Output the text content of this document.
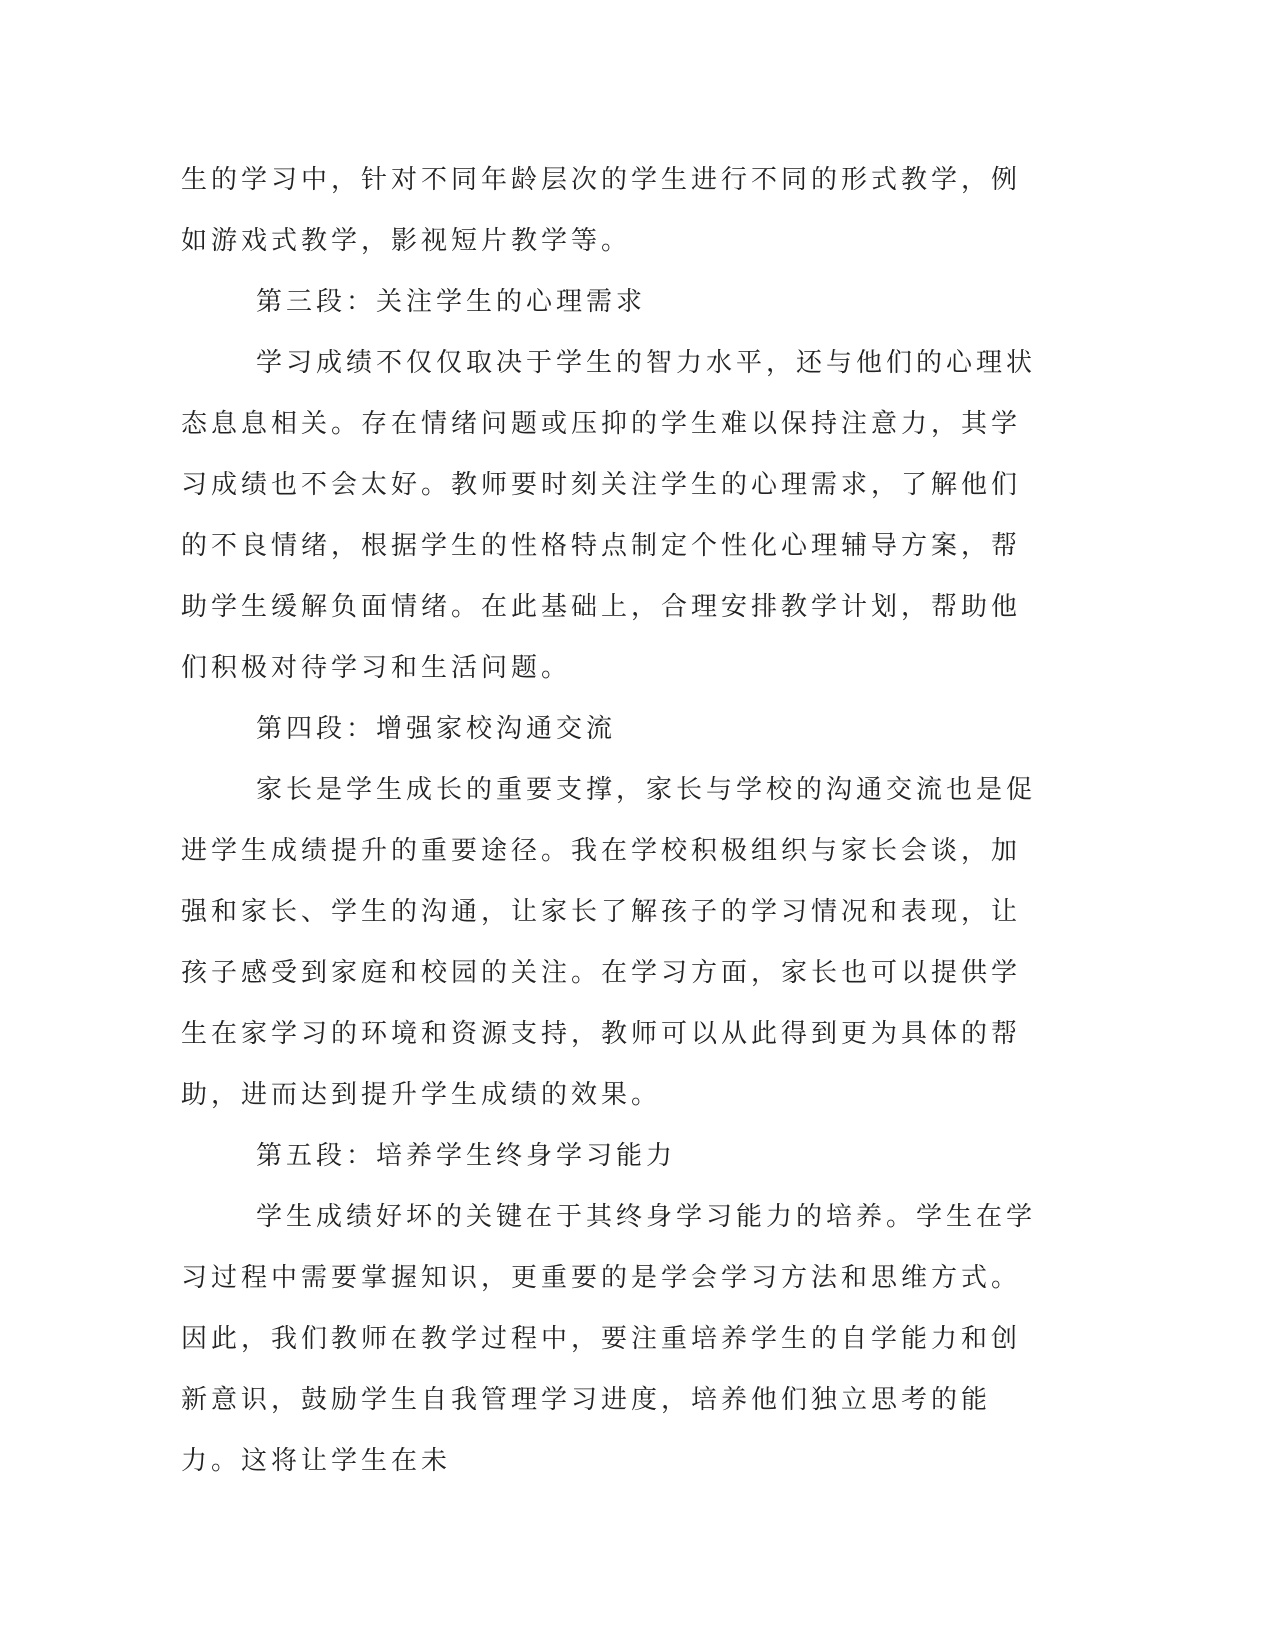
生的学习中，针对不同年龄层次的学生进行不同的形式教学，例如游戏式教学，影视短片教学等。

第三段：关注学生的心理需求

学习成绩不仅仅取决于学生的智力水平，还与他们的心理状态息息相关。存在情绪问题或压抑的学生难以保持注意力，其学习成绩也不会太好。教师要时刻关注学生的心理需求，了解他们的不良情绪，根据学生的性格特点制定个性化心理辅导方案，帮助学生缓解负面情绪。在此基础上，合理安排教学计划，帮助他们积极对待学习和生活问题。

第四段：增强家校沟通交流

家长是学生成长的重要支撑，家长与学校的沟通交流也是促进学生成绩提升的重要途径。我在学校积极组织与家长会谈，加强和家长、学生的沟通，让家长了解孩子的学习情况和表现，让孩子感受到家庭和校园的关注。在学习方面，家长也可以提供学生在家学习的环境和资源支持，教师可以从此得到更为具体的帮助，进而达到提升学生成绩的效果。

第五段：培养学生终身学习能力

学生成绩好坏的关键在于其终身学习能力的培养。学生在学习过程中需要掌握知识，更重要的是学会学习方法和思维方式。因此，我们教师在教学过程中，要注重培养学生的自学能力和创新意识，鼓励学生自我管理学习进度，培养他们独立思考的能力。这将让学生在未
